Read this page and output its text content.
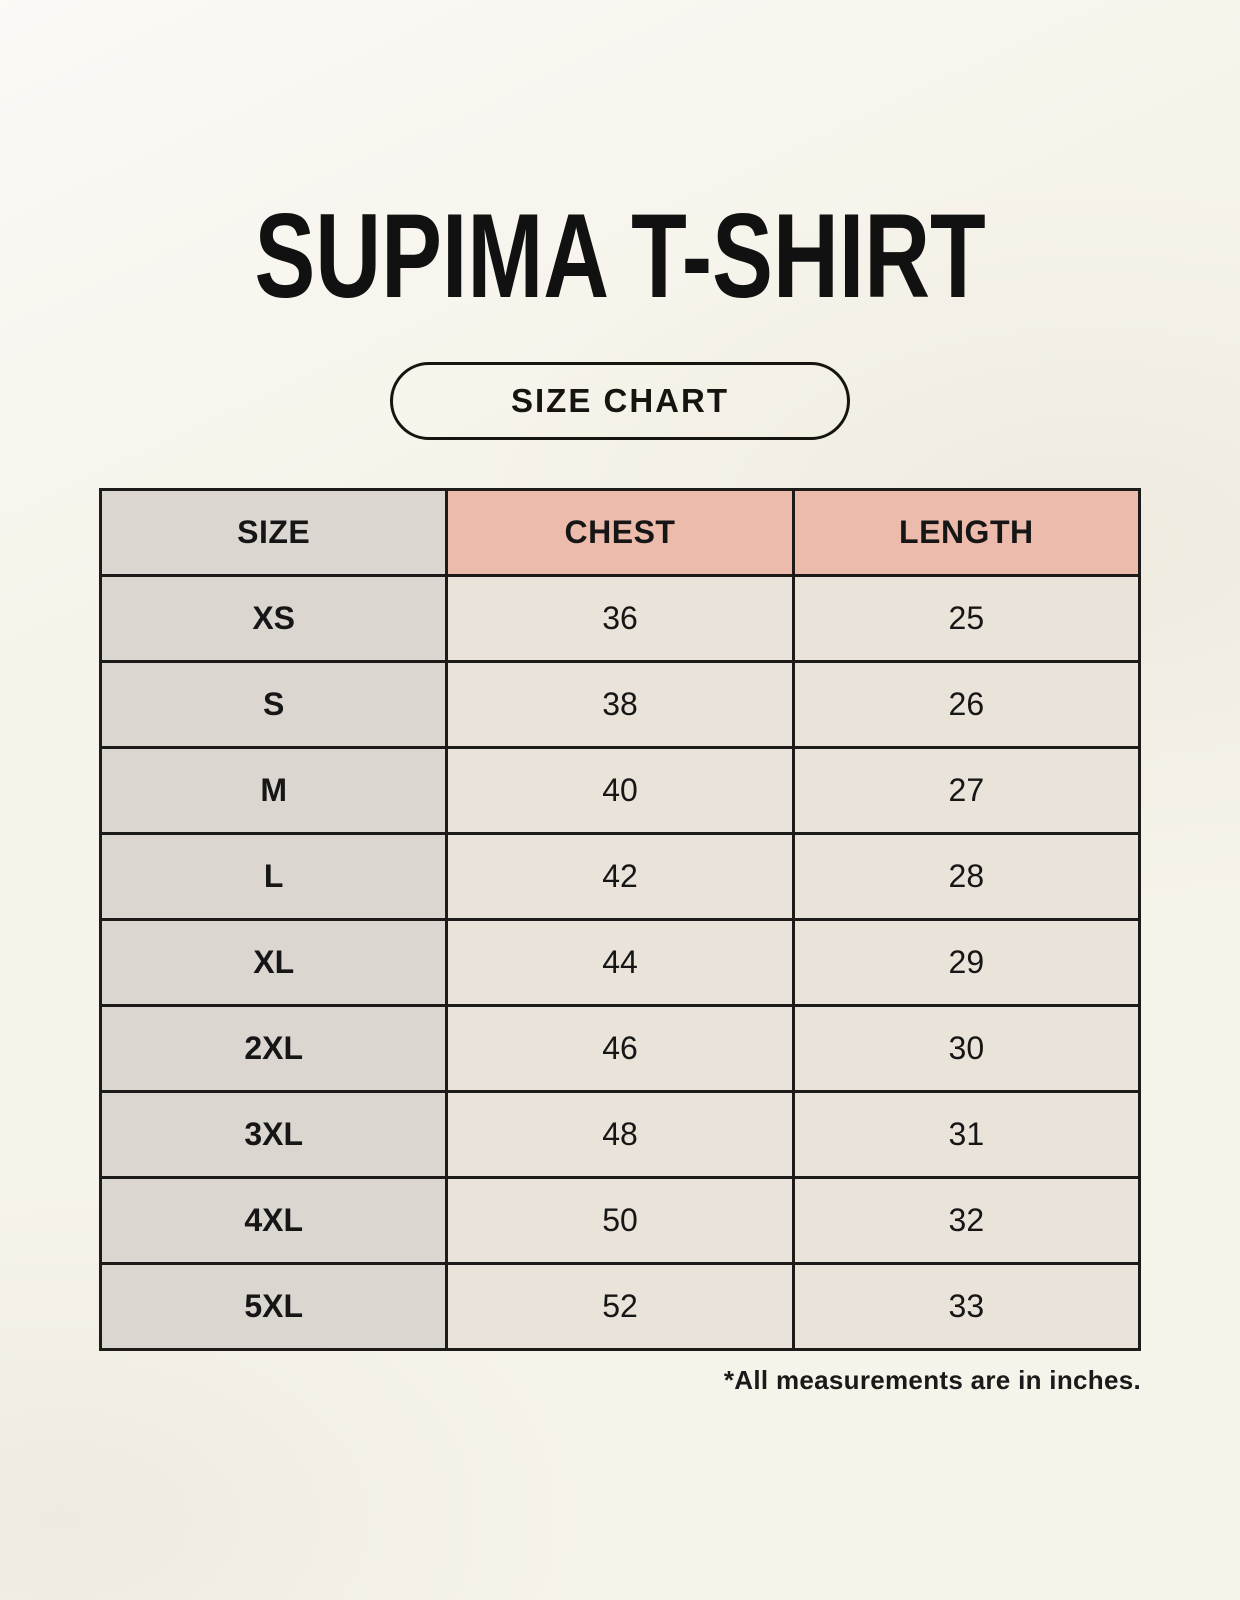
SUPIMA T-SHIRT
SIZE CHART
SIZE	CHEST	LENGTH
XS	36	25
S	38	26
M	40	27
L	42	28
XL	44	29
2XL	46	30
3XL	48	31
4XL	50	32
5XL	52	33
*All measurements are in inches.
